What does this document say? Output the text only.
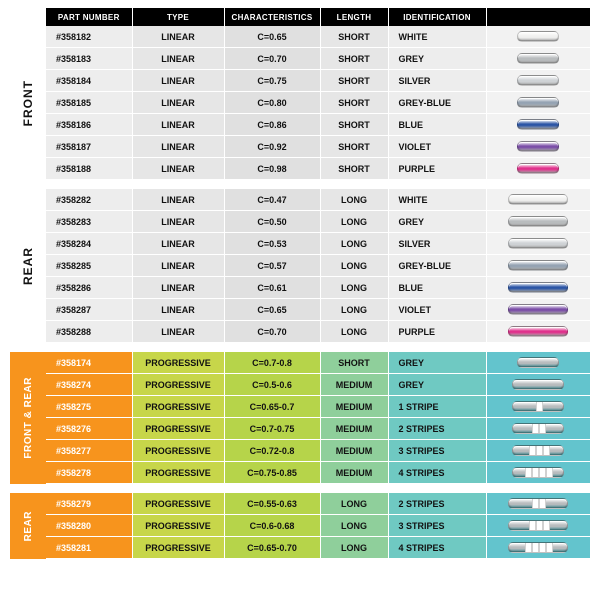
	PART NUMBER	TYPE	CHARACTERISTICS	LENGTH	IDENTIFICATION	

FRONT	#358182	LINEAR	C=0.65	SHORT	WHITE	
	#358183	LINEAR	C=0.70	SHORT	GREY	
	#358184	LINEAR	C=0.75	SHORT	SILVER	
	#358185	LINEAR	C=0.80	SHORT	GREY-BLUE	
	#358186	LINEAR	C=0.86	SHORT	BLUE	
	#358187	LINEAR	C=0.92	SHORT	VIOLET	
	#358188	LINEAR	C=0.98	SHORT	PURPLE	

REAR	#358282	LINEAR	C=0.47	LONG	WHITE	
	#358283	LINEAR	C=0.50	LONG	GREY	
	#358284	LINEAR	C=0.53	LONG	SILVER	
	#358285	LINEAR	C=0.57	LONG	GREY-BLUE	
	#358286	LINEAR	C=0.61	LONG	BLUE	
	#358287	LINEAR	C=0.65	LONG	VIOLET	
	#358288	LINEAR	C=0.70	LONG	PURPLE	

FRONT & REAR	#358174	PROGRESSIVE	C=0.7-0.8	SHORT	GREY	
	#358274	PROGRESSIVE	C=0.5-0.6	MEDIUM	GREY	
	#358275	PROGRESSIVE	C=0.65-0.7	MEDIUM	1 STRIPE	

	#358276	PROGRESSIVE	C=0.7-0.75	MEDIUM	2 STRIPES	

	#358277	PROGRESSIVE	C=0.72-0.8	MEDIUM	3 STRIPES	

	#358278	PROGRESSIVE	C=0.75-0.85	MEDIUM	4 STRIPES	

REAR	#358279	PROGRESSIVE	C=0.55-0.63	LONG	2 STRIPES	

	#358280	PROGRESSIVE	C=0.6-0.68	LONG	3 STRIPES	

	#358281	PROGRESSIVE	C=0.65-0.70	LONG	4 STRIPES	
